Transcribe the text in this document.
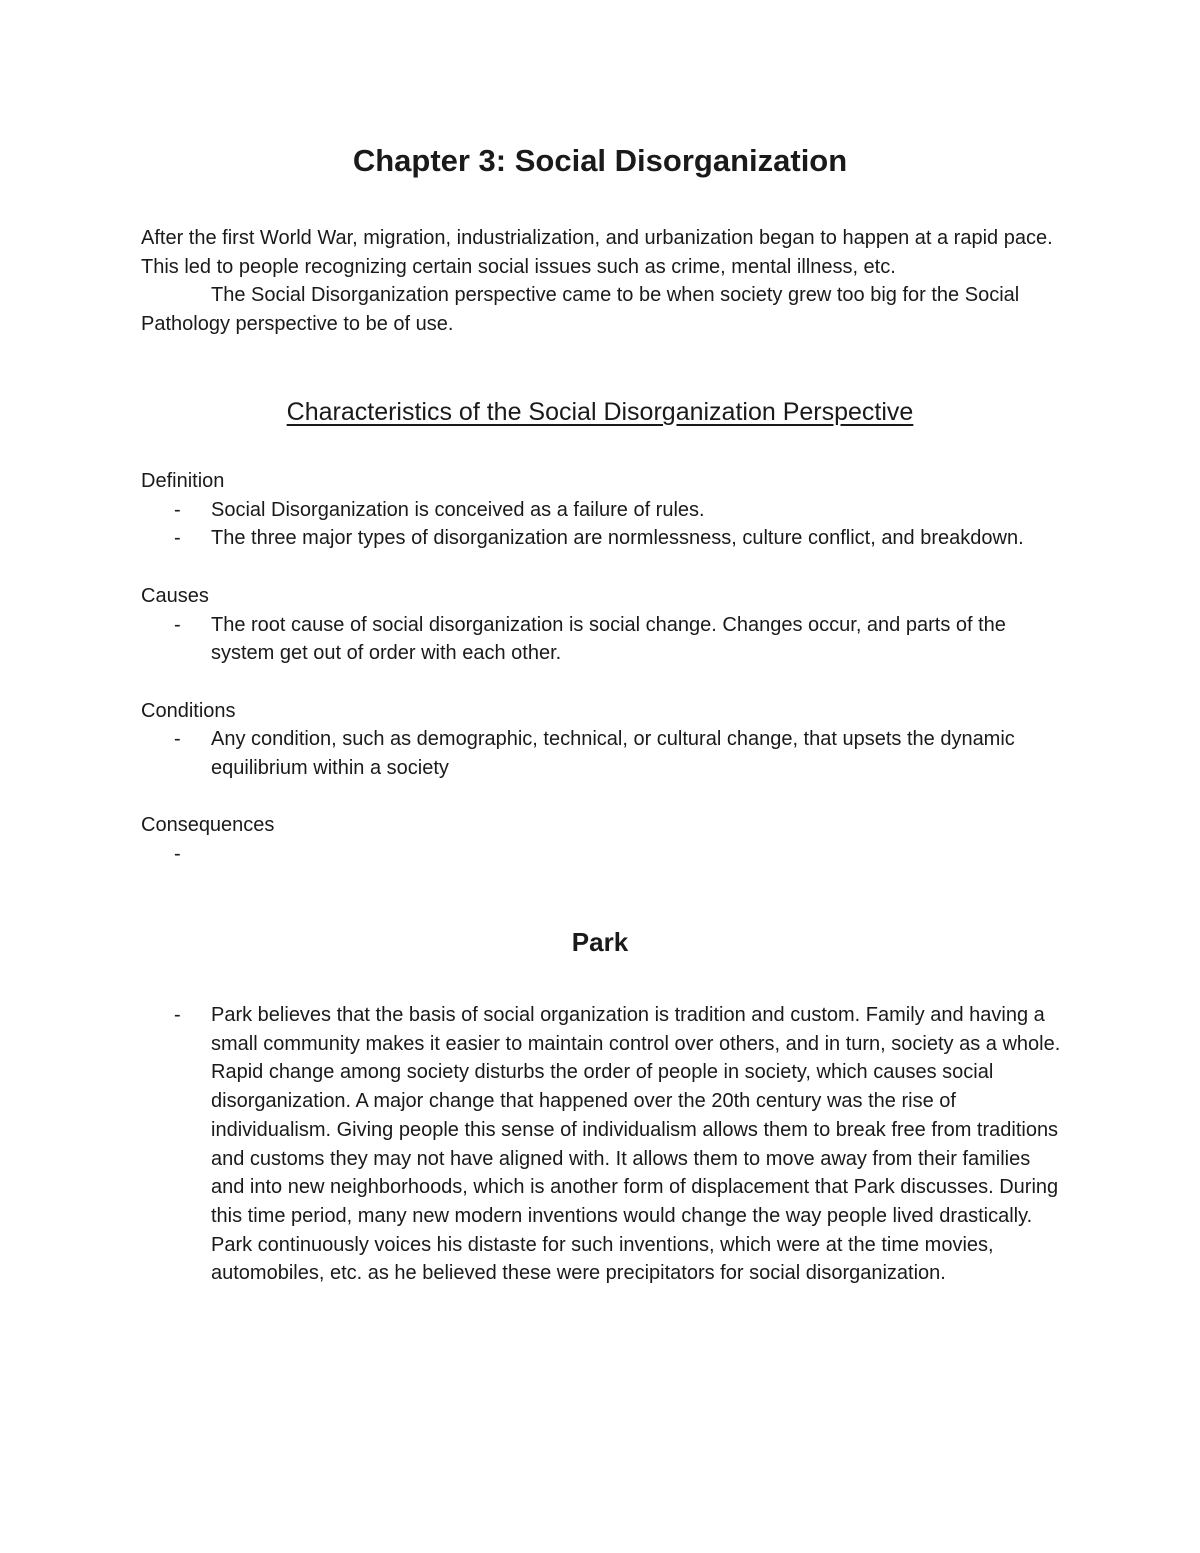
Chapter 3: Social Disorganization

After the first World War, migration, industrialization, and urbanization began to happen at a rapid pace. This led to people recognizing certain social issues such as crime, mental illness, etc.

The Social Disorganization perspective came to be when society grew too big for the Social Pathology perspective to be of use.

Characteristics of the Social Disorganization Perspective

Definition

- Social Disorganization is conceived as a failure of rules.
- The three major types of disorganization are normlessness, culture conflict, and breakdown.

Causes

- The root cause of social disorganization is social change. Changes occur, and parts of the system get out of order with each other.

Conditions

- Any condition, such as demographic, technical, or cultural change, that upsets the dynamic equilibrium within a society

Consequences

-
Park
- Park believes that the basis of social organization is tradition and custom. Family and having a small community makes it easier to maintain control over others, and in turn, society as a whole. Rapid change among society disturbs the order of people in society, which causes social disorganization. A major change that happened over the 20th century was the rise of individualism. Giving people this sense of individualism allows them to break free from traditions and customs they may not have aligned with. It allows them to move away from their families and into new neighborhoods, which is another form of displacement that Park discusses. During this time period, many new modern inventions would change the way people lived drastically. Park continuously voices his distaste for such inventions, which were at the time movies, automobiles, etc. as he believed these were precipitators for social disorganization.
